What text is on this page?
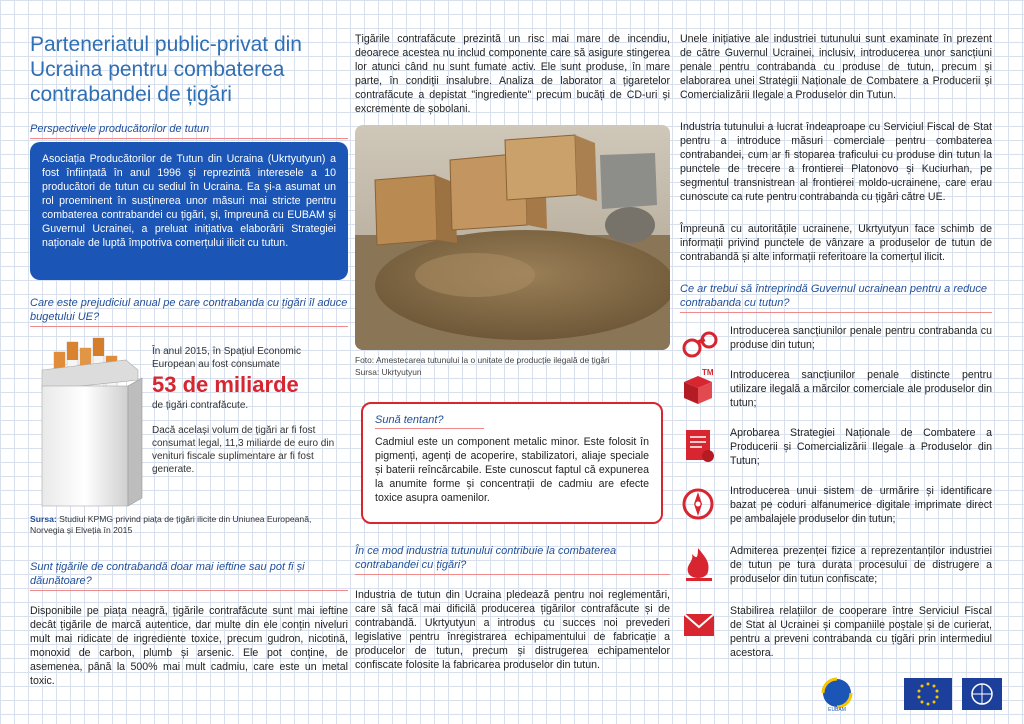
Parteneriatul public-privat din Ucraina pentru combaterea contrabandei de țigări
Perspectivele producătorilor de tutun
Asociația Producătorilor de Tutun din Ucraina (Ukrtyutyun) a fost înființată în anul 1996 și reprezintă interesele a 10 producători de tutun cu sediul în Ucraina. Ea și-a asumat un rol proeminent în susținerea unor măsuri mai stricte pentru combaterea contrabandei cu țigări, și, împreună cu EUBAM și Guvernul Ucrainei, a preluat inițiativa elaborării Strategiei naționale de luptă împotriva comerțului ilicit cu tutun.
Care este prejudiciul anual pe care contrabanda cu țigări îl aduce bugetului UE?
În anul 2015, în Spațiul Economic European au fost consumate
53 de miliarde
de țigări contrafăcute.
Dacă același volum de țigări ar fi fost consumat legal, 11,3 miliarde de euro din venituri fiscale suplimentare ar fi fost generate.
Sursa: Studiul KPMG privind piața de țigări ilicite din Uniunea Europeană, Norvegia și Elveția în 2015
Sunt țigările de contrabandă doar mai ieftine sau pot fi și dăunătoare?
Disponibile pe piața neagră, țigările contrafăcute sunt mai ieftine decât țigările de marcă autentice, dar multe din ele conțin niveluri mult mai ridicate de ingrediente toxice, precum gudron, nicotină, monoxid de carbon, plumb și arsenic. Ele pot conține, de asemenea, până la 500% mai mult cadmiu, care este un metal toxic.
Țigările contrafăcute prezintă un risc mai mare de incendiu, deoarece acestea nu includ componente care să asigure stingerea lor atunci când nu sunt fumate activ. Ele sunt produse, în mare parte, în condiții insalubre. Analiza de laborator a țigaretelor contrafăcute a depistat "ingrediente" precum bucăți de CD-uri și excremente de șobolani.
Foto: Amestecarea tutunului la o unitate de producție ilegală de țigări
Sursa: Ukrtyutyun
Sună tentant?
Cadmiul este un component metalic minor. Este folosit în pigmenți, agenți de acoperire, stabilizatori, aliaje speciale și baterii reîncărcabile. Este cunoscut faptul că expunerea la anumite forme și concentrații de cadmiu are efecte toxice asupra oamenilor.
În ce mod industria tutunului contribuie la combaterea contrabandei cu țigări?
Industria de tutun din Ucraina pledează pentru noi reglementări, care să facă mai dificilă producerea țigărilor contrafăcute și de contrabandă. Ukrtyutyun a introdus cu succes noi prevederi legislative pentru înregistrarea echipamentului de fabricație a producelor de tutun, precum și distrugerea echipamentelor confiscate folosite la fabricarea produselor din tutun.
Unele inițiative ale industriei tutunului sunt examinate în prezent de către Guvernul Ucrainei, inclusiv, introducerea unor sancțiuni penale pentru contrabanda cu produse de tutun, precum și elaborarea unei Strategii Naționale de Combatere a Producerii și Comercializării Ilegale a Produselor din Tutun.
Industria tutunului a lucrat îndeaproape cu Serviciul Fiscal de Stat pentru a introduce măsuri comerciale pentru combaterea contrabandei, cum ar fi stoparea traficului cu produse din tutun la punctele de trecere a frontierei Platonovo și Kuciurhan, pe segmentul transnistrean al frontierei moldo-ucrainene, care erau cunoscute ca rute pentru contrabanda cu țigări către UE.
Împreună cu autoritățile ucrainene, Ukrtyutyun face schimb de informații privind punctele de vânzare a produselor de tutun de contrabandă și alte informații referitoare la comerțul ilicit.
Ce ar trebui să întreprindă Guvernul ucrainean pentru a reduce contrabanda cu tutun?
Introducerea sancțiunilor penale pentru contrabanda cu produse din tutun;
TM Introducerea sancțiunilor penale distincte pentru utilizare ilegală a mărcilor comerciale ale produselor din tutun;
Aprobarea Strategiei Naționale de Combatere a Producerii și Comercializării Ilegale a Produselor din Tutun;
Introducerea unui sistem de urmărire și identificare bazat pe coduri alfanumerice digitale imprimate direct pe ambalajele produselor din tutun;
Admiterea prezenței fizice a reprezentanților industriei de tutun pe tura durata procesului de distrugere a produselor din tutun confiscate;
Stabilirea relațiilor de cooperare între Serviciul Fiscal de Stat al Ucrainei și companiile poștale și de curierat, pentru a preveni contrabanda cu țigări prin intermediul acestora.
EUBAM
